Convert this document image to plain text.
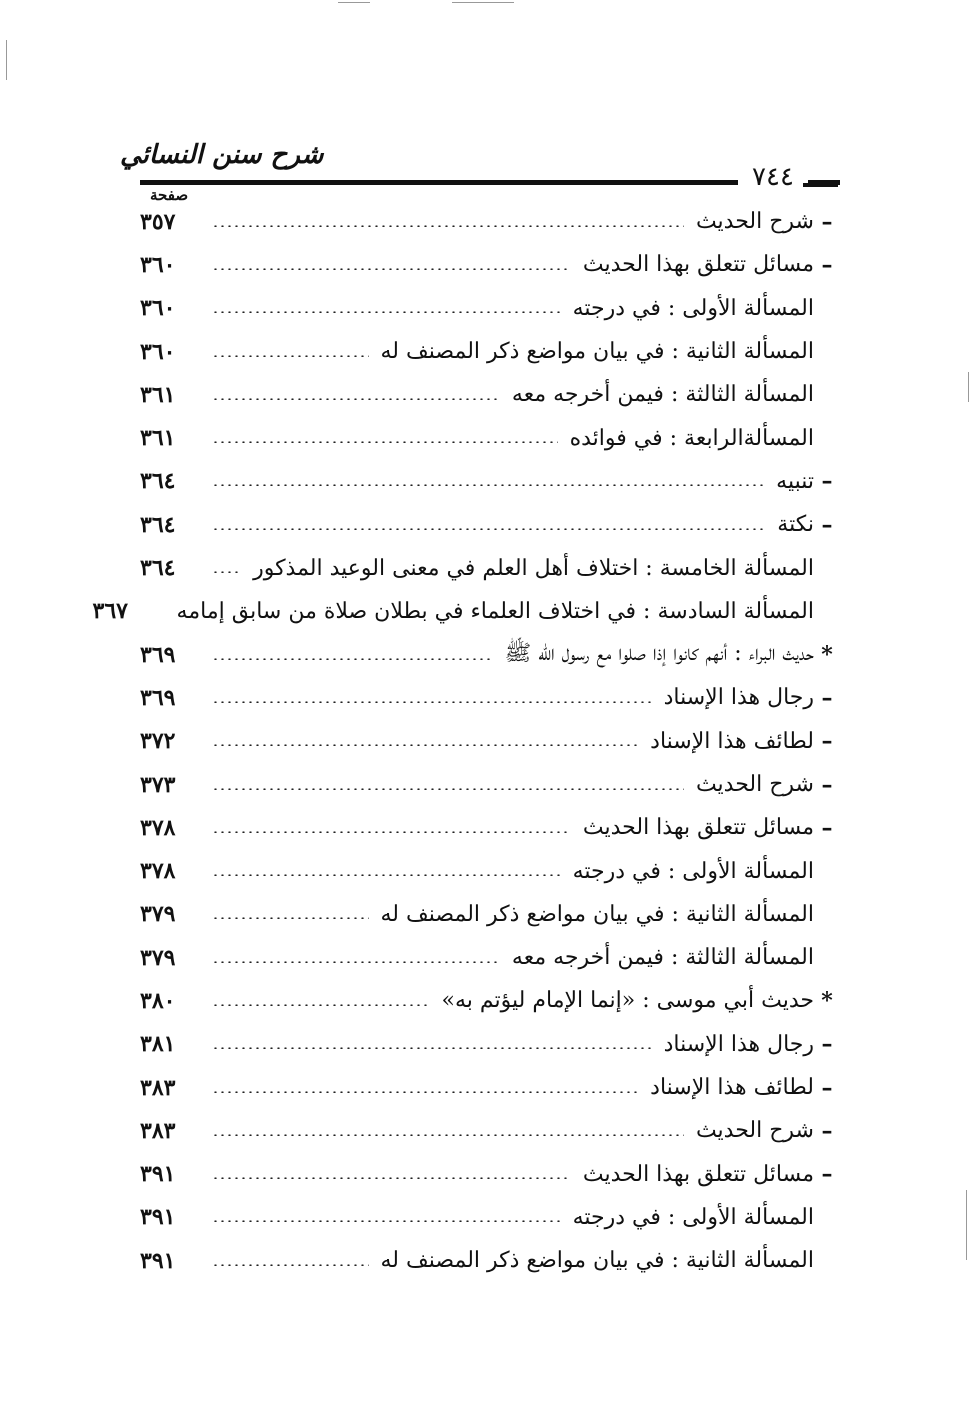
شرح سنن النسائي
٧٤٤
صفحة
–
شرح الحديث
٣٥٧
–
مسائل تتعلق بهذا الحديث
٣٦٠
المسألة الأولى : في درجته
٣٦٠
المسألة الثانية : في بيان مواضع ذكر المصنف له
٣٦٠
المسألة الثالثة : فيمن أخرجه معه
٣٦١
المسألةالرابعة : في فوائده
٣٦١
–
تنبيه
٣٦٤
–
نكتة
٣٦٤
المسألة الخامسة : اختلاف أهل العلم في معنى الوعيد المذكور
٣٦٤
المسألة السادسة : في اختلاف العلماء في بطلان صلاة من سابق إمامه
٣٦٧
*
حديث البراء : أنهم كانوا إذا صلوا مع رسول الله ﷺ
٣٦٩
–
رجال هذا الإسناد
٣٦٩
–
لطائف هذا الإسناد
٣٧٢
–
شرح الحديث
٣٧٣
–
مسائل تتعلق بهذا الحديث
٣٧٨
المسألة الأولى : في درجته
٣٧٨
المسألة الثانية : في بيان مواضع ذكر المصنف له
٣٧٩
المسألة الثالثة : فيمن أخرجه معه
٣٧٩
*
حديث أبي موسى : «إنما الإمام ليؤتم به»
٣٨٠
–
رجال هذا الإسناد
٣٨١
–
لطائف هذا الإسناد
٣٨٣
–
شرح الحديث
٣٨٣
–
مسائل تتعلق بهذا الحديث
٣٩١
المسألة الأولى : في درجته
٣٩١
المسألة الثانية : في بيان مواضع ذكر المصنف له
٣٩١
